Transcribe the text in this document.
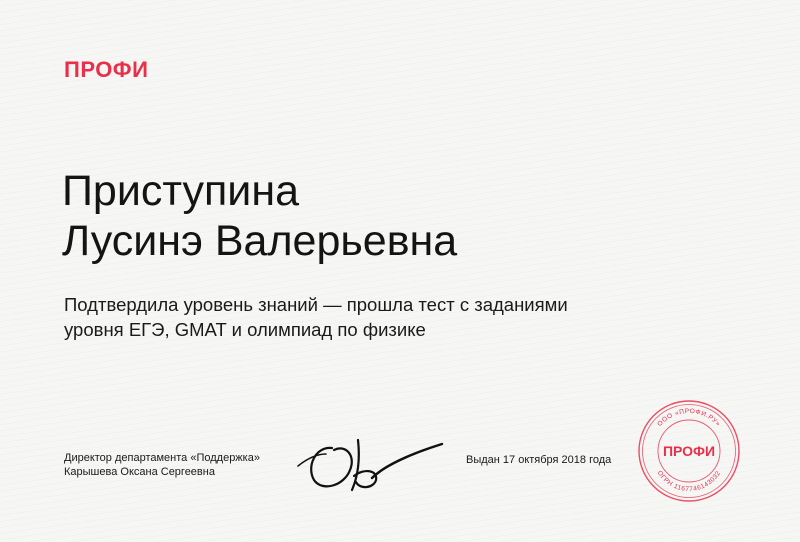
ПРОФИ
Приступина
Лусинэ Валерьевна
Подтвердила уровень знаний — прошла тест с заданиями
уровня ЕГЭ, GMAT и олимпиад по физике
Директор департамента «Поддержка»
Карышева Оксана Сергеевна
Выдан 17 октября 2018 года
ООО «ПРОФИ.РУ»
ОГРН 1167746143032
ПРОФИ
